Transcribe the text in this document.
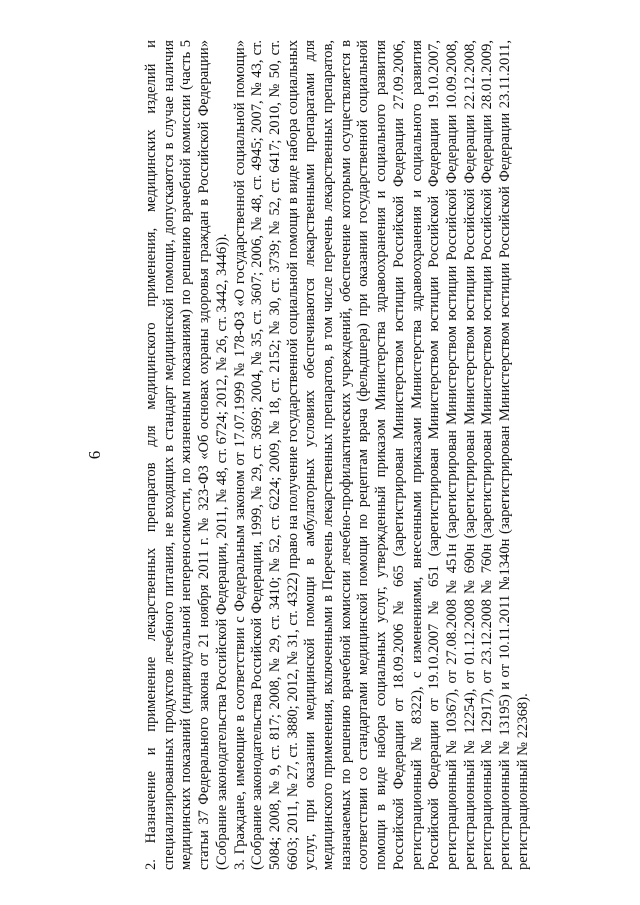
6	2. Назначение и применение лекарственных препаратов для медицинского применения, медицинских изделий и специализированных продуктов лечебного питания, не входящих в стандарт медицинской помощи, допускаются в случае наличия медицинских показаний (индивидуальной непереносимости, по жизненным показаниям) по решению врачебной комиссии (часть 5 статьи 37 Федерального закона от 21 ноября 2011 г. № 323-ФЗ «Об основах охраны здоровья граждан в Российской Федерации» (Собрание законодательства Российской Федерации, 2011, № 48, ст. 6724; 2012, № 26, ст. 3442, 3446)). 3. Граждане, имеющие в соответствии с Федеральным законом от 17.07.1999 № 178-ФЗ «О государственной социальной помощи» (Собрание законодательства Российской Федерации, 1999, № 29, ст. 3699; 2004, № 35, ст. 3607; 2006, № 48, ст. 4945; 2007, № 43, ст. 5084; 2008, № 9, ст. 817; 2008, № 29, ст. 3410; № 52, ст. 6224; 2009, № 18, ст. 2152; № 30, ст. 3739; № 52, ст. 6417; 2010, № 50, ст. 6603; 2011, № 27, ст. 3880; 2012, № 31, ст. 4322) право на получение государственной социальной помощи в виде набора социальных услуг, при оказании медицинской помощи в амбулаторных условиях обеспечиваются лекарственными препаратами для медицинского применения, включенными в Перечень лекарственных препаратов, в том числе перечень лекарственных препаратов, назначаемых по решению врачебной комиссии лечебно-профилактических учреждений, обеспечение которыми осуществляется в соответствии со стандартами медицинской помощи по рецептам врача (фельдшера) при оказании государственной социальной помощи в виде набора социальных услуг, утвержденный приказом Министерства здравоохранения и социального развития Российской Федерации от 18.09.2006 № 665 (зарегистрирован Министерством юстиции Российской Федерации 27.09.2006, регистрационный № 8322), с изменениями, внесенными приказами Министерства здравоохранения и социального развития Российской Федерации от 19.10.2007 № 651 (зарегистрирован Министерством юстиции Российской Федерации 19.10.2007, регистрационный № 10367), от 27.08.2008 № 451н (зарегистрирован Министерством юстиции Российской Федерации 10.09.2008, регистрационный № 12254), от 01.12.2008 № 690н (зарегистрирован Министерством юстиции Российской Федерации 22.12.2008, регистрационный № 12917), от 23.12.2008 № 760н (зарегистрирован Министерством юстиции Российской Федерации 28.01.2009, регистрационный № 13195) и от 10.11.2011 №1340н (зарегистрирован Министерством юстиции Российской Федерации 23.11.2011, регистрационный № 22368).
